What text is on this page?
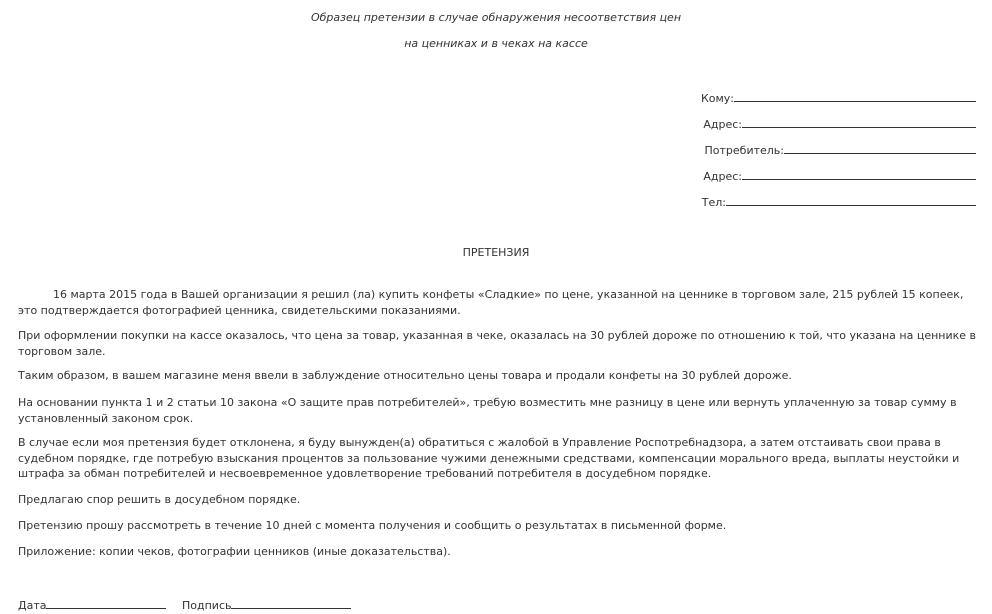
Образец претензии в случае обнаружения несоответствия цен
на ценниках и в чеках на кассе
Кому:
Адрес:
Потребитель:
Адрес:
Тел:
ПРЕТЕНЗИЯ

16 марта 2015 года в Вашей организации я решил (ла) купить конфеты «Сладкие» по цене, указанной на ценнике в торговом зале, 215 рублей 15 копеек, это подтверждается фотографией ценника, свидетельскими показаниями.

При оформлении покупки на кассе оказалось, что цена за товар, указанная в чеке, оказалась на 30 рублей дороже по отношению к той, что указана на ценнике в торговом зале.

Таким образом, в вашем магазине меня ввели в заблуждение относительно цены товара и продали конфеты на 30 рублей дороже.

На основании пункта 1 и 2 статьи 10 закона «О защите прав потребителей», требую возместить мне разницу в цене или вернуть уплаченную за товар сумму в установленный законом срок.

В случае если моя претензия будет отклонена, я буду вынужден(а) обратиться с жалобой в Управление Роспотребнадзора, а затем отстаивать свои права в судебном порядке, где потребую взыскания процентов за пользование чужими денежными средствами, компенсации морального вреда, выплаты неустойки и штрафа за обман потребителей и несвоевременное удовлетворение требований потребителя в досудебном порядке.

Предлагаю спор решить в досудебном порядке.

Претензию прошу рассмотреть в течение 10 дней с момента получения и сообщить о результатах в письменной форме.

Приложение: копии чеков, фотографии ценников (иные доказательства).

Дата	Подпись
